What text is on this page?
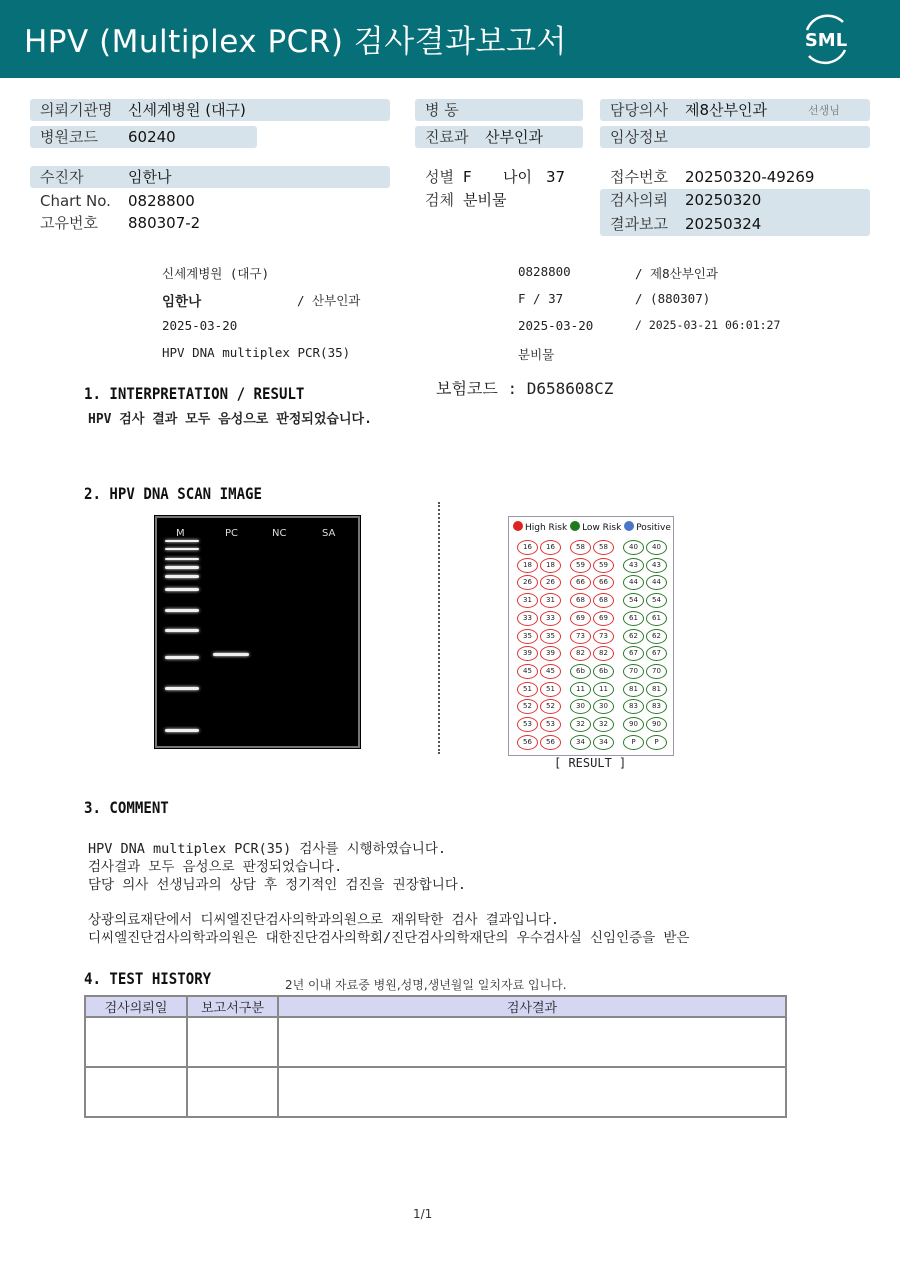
HPV (Multiplex PCR) 검사결과보고서	SML
의뢰기관명 신세계병원 (대구)
병원코드 60240
병 동
진료과 산부인과
담당의사 제8산부인과	선생님
임상정보
수진자	임한나
Chart No. 0828800
고유번호 880307-2
성별 F 나이 37
검체 분비물
접수번호 20250320-49269
검사의뢰 20250320
결과보고 20250324
신세계병원 (대구)	0828800	/ 제8산부인과
임한나	/ 산부인과	F / 37	/ (880307)
2025-03-20	2025-03-20	/ 2025-03-21 06:01:27
HPV DNA multiplex PCR(35)	분비물
1. INTERPRETATION / RESULT	보험코드 : D658608CZ
HPV 검사 결과 모두 음성으로 판정되었습니다.
2. HPV DNA SCAN IMAGE
M	PC	NC	SA	High Risk Low Risk Positive
16	16
18	18
26	26
31	31
33	33
35	35
39	39
45	45
51	51
52	52
53	53
56	56
58	58
59	59
66	66
68	68
69	69
73	73
82	82
6b	6b
11	11
30	30
32	32
34	34
40	40
43	43
44	44
54	54
61	61
62	62
67	67
70	70
81	81
83	83
90	90
P	P
[ RESULT ]
3. COMMENT
HPV DNA multiplex PCR(35) 검사를 시행하였습니다.
검사결과 모두 음성으로 판정되었습니다.
담당 의사 선생님과의 상담 후 정기적인 검진을 권장합니다.
상광의료재단에서 디씨엘진단검사의학과의원으로 재위탁한 검사 결과입니다.
디씨엘진단검사의학과의원은 대한진단검사의학회/진단검사의학재단의 우수검사실 신임인증을 받은
4. TEST HISTORY	2년 이내 자료중 병원,성명,생년월일 일치자료 입니다.
검사의뢰일	보고서구분	검사결과

1/1
